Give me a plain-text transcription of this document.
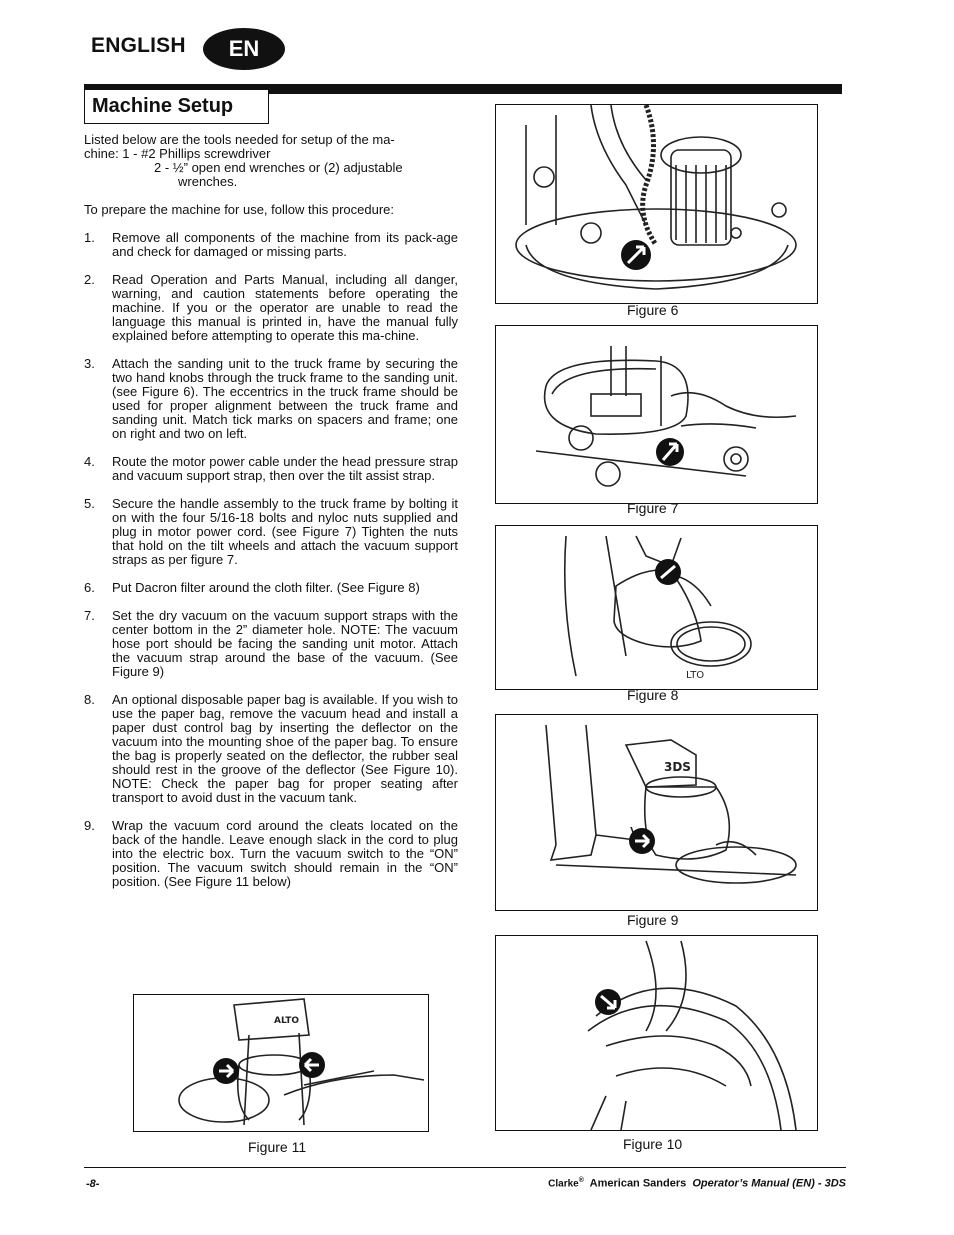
ENGLISH	EN
Machine Setup

Listed below are the tools needed for setup of the ma-

chine: 1 - #2 Phillips screwdriver

2 - ½” open end wrenches or (2) adjustable

wrenches.

To prepare the machine for use, follow this procedure:

1.	Remove all components of the machine from its pack-age and check for damaged or missing parts.
2.	Read Operation and Parts Manual, including all danger, warning, and caution statements before operating the machine. If you or the operator are unable to read the language this manual is printed in, have the manual fully explained before attempting to operate this ma-chine.
3.	Attach the sanding unit to the truck frame by securing the two hand knobs through the truck frame to the sanding unit. (see Figure 6). The eccentrics in the truck frame should be used for proper alignment between the truck frame and sanding unit. Match tick marks on spacers and frame; one on right and two on left.
4.	Route the motor power cable under the head pressure strap and vacuum support strap, then over the tilt assist strap.
5.	Secure the handle assembly to the truck frame by bolting it on with the four 5/16-18 bolts and nyloc nuts supplied and plug in motor power cord. (see Figure 7) Tighten the nuts that hold on the tilt wheels and attach the vacuum support straps as per figure 7.
6.	Put Dacron filter around the cloth filter. (See Figure 8)
7.	Set the dry vacuum on the vacuum support straps with the center bottom in the 2” diameter hole. NOTE: The vacuum hose port should be facing the sanding unit motor. Attach the vacuum strap around the base of the vacuum. (See Figure 9)
8.	An optional disposable paper bag is available. If you wish to use the paper bag, remove the vacuum head and install a paper dust control bag by inserting the deflector on the vacuum into the mounting shoe of the paper bag. To ensure the bag is properly seated on the deflector, the rubber seal should rest in the groove of the deflector (See Figure 10). NOTE: Check the paper bag for proper seating after transport to avoid dust in the vacuum tank.
9.	Wrap the vacuum cord around the cleats located on the back of the handle. Leave enough slack in the cord to plug into the electric box. Turn the vacuum switch to the “ON” position. The vacuum switch should remain in the “ON” position. (See Figure 11 below)
Figure 6
Figure 7
LTO
Figure 8
3DS
Figure 9
Figure 10
ALTO
Figure 11
-8-	Clarke® American Sanders Operator’s Manual (EN) - 3DS
